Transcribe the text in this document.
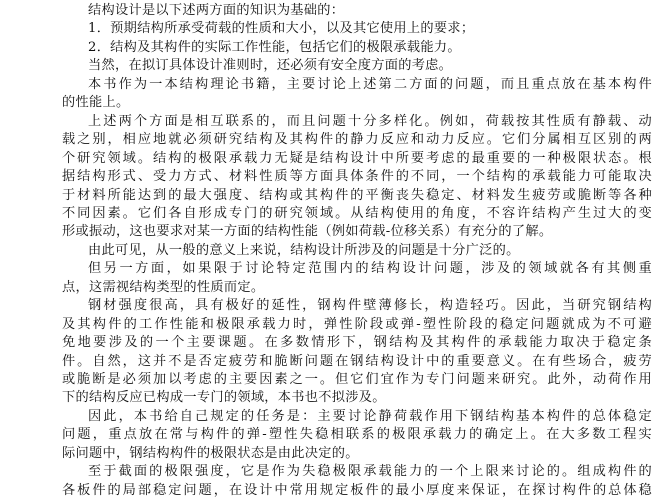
结构设计是以下述两方面的知识为基础的：
1．预期结构所承受荷载的性质和大小，以及其它使用上的要求；
2．结构及其构件的实际工作性能，包括它们的极限承载能力。
当然，在拟订具体设计准则时，还必须有安全度方面的考虑。
本书作为一本结构理论书籍，主要讨论上述第二方面的问题，而且重点放在基本构件
的性能上。
上述两个方面是相互联系的，而且问题十分多样化。例如，荷载按其性质有静载、动
载之别，相应地就必须研究结构及其构件的静力反应和动力反应。它们分属相互区别的两
个研究领域。结构的极限承载力无疑是结构设计中所要考虑的最重要的一种极限状态。根
据结构形式、受力方式、材料性质等方面具体条件的不同，一个结构的承载能力可能取决
于材料所能达到的最大强度、结构或其构件的平衡丧失稳定、材料发生疲劳或脆断等各种
不同因素。它们各自形成专门的研究领域。从结构使用的角度，不容许结构产生过大的变
形或振动，这也要求对某一方面的结构性能（例如荷载-位移关系）有充分的了解。
由此可见，从一般的意义上来说，结构设计所涉及的问题是十分广泛的。
但另一方面，如果限于讨论特定范围内的结构设计问题，涉及的领域就各有其侧重
点，这需视结构类型的性质而定。
钢材强度很高，具有极好的延性，钢构件壁薄修长，构造轻巧。因此，当研究钢结构
及其构件的工作性能和极限承载力时，弹性阶段或弹-塑性阶段的稳定问题就成为不可避
免地要涉及的一个主要课题。在多数情形下，钢结构及其构件的承载能力取决于稳定条
件。自然，这并不是否定疲劳和脆断问题在钢结构设计中的重要意义。在有些场合，疲劳
或脆断是必须加以考虑的主要因素之一。但它们宜作为专门问题来研究。此外，动荷作用
下的结构反应已构成一专门的领域，本书也不拟涉及。
因此，本书给自己规定的任务是：主要讨论静荷载作用下钢结构基本构件的总体稳定
问题，重点放在常与构件的弹-塑性失稳相联系的极限承载力的确定上。在大多数工程实
际问题中，钢结构构件的极限状态是由此决定的。
至于截面的极限强度，它是作为失稳极限承载能力的一个上限来讨论的。组成构件的
各板件的局部稳定问题，在设计中常用规定板件的最小厚度来保证，在探讨构件的总体稳
